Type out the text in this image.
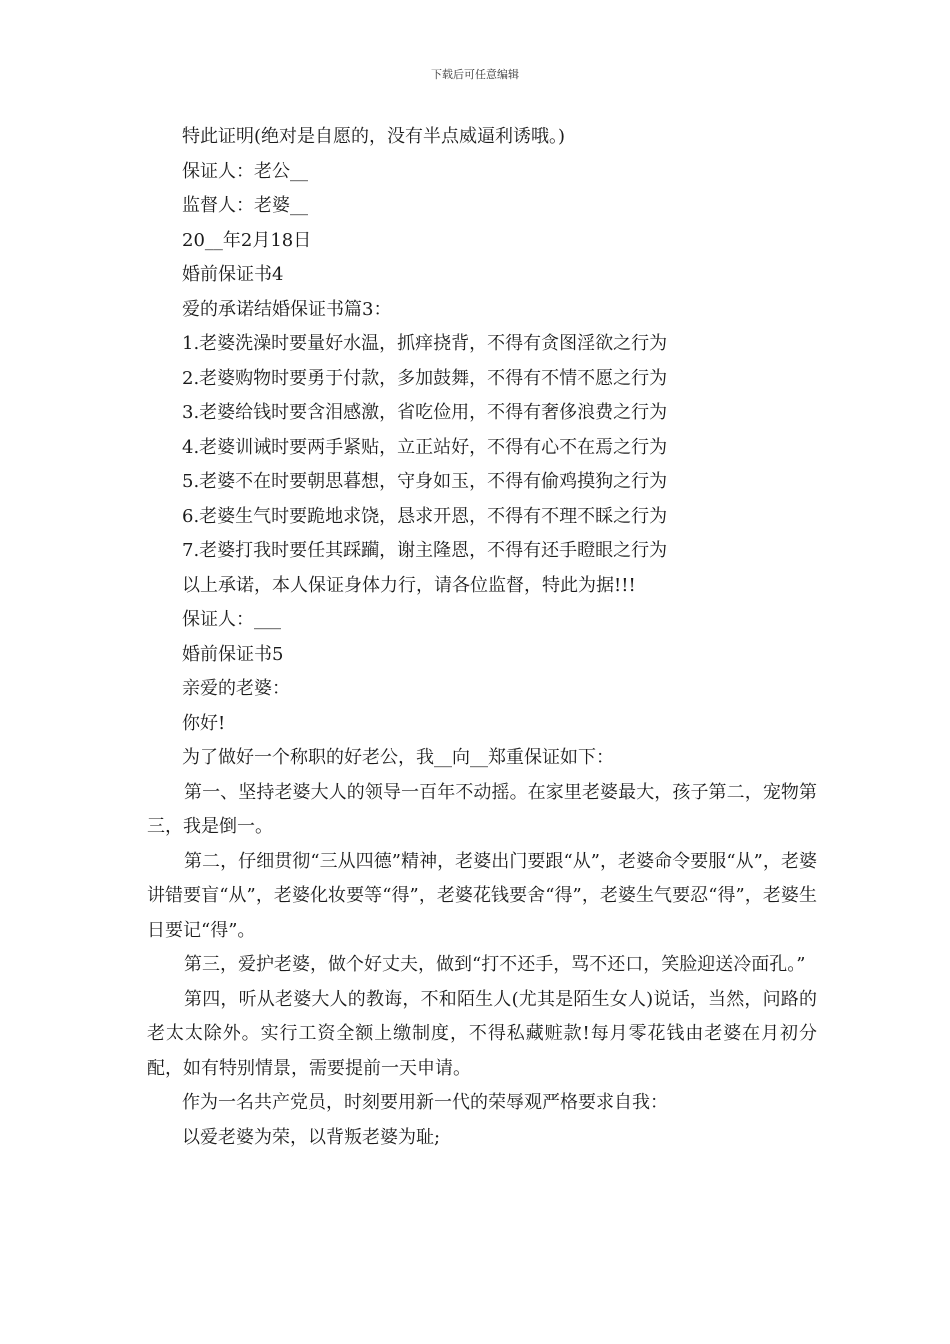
下载后可任意编辑
特此证明(绝对是自愿的，没有半点威逼利诱哦。)
保证人：老公__
监督人：老婆__
20__年2月18日
婚前保证书4
爱的承诺结婚保证书篇3：
1.老婆洗澡时要量好水温，抓痒挠背，不得有贪图淫欲之行为
2.老婆购物时要勇于付款，多加鼓舞，不得有不情不愿之行为
3.老婆给钱时要含泪感激，省吃俭用，不得有奢侈浪费之行为
4.老婆训诫时要两手紧贴，立正站好，不得有心不在焉之行为
5.老婆不在时要朝思暮想，守身如玉，不得有偷鸡摸狗之行为
6.老婆生气时要跪地求饶，恳求开恩，不得有不理不睬之行为
7.老婆打我时要任其踩躏，谢主隆恩，不得有还手瞪眼之行为
以上承诺，本人保证身体力行，请各位监督，特此为据!!!
保证人：___
婚前保证书5
亲爱的老婆：
你好!
为了做好一个称职的好老公，我__向__郑重保证如下：

第一、坚持老婆大人的领导一百年不动摇。在家里老婆最大，孩子第二，宠物第三，我是倒一。

第二，仔细贯彻“三从四德”精神，老婆出门要跟“从”，老婆命令要服“从”，老婆讲错要盲“从”，老婆化妆要等“得”，老婆花钱要舍“得”，老婆生气要忍“得”，老婆生日要记“得”。

第三，爱护老婆，做个好丈夫，做到“打不还手，骂不还口，笑脸迎送冷面孔。”

第四，听从老婆大人的教诲，不和陌生人(尤其是陌生女人)说话，当然，问路的老太太除外。实行工资全额上缴制度，不得私藏赃款!每月零花钱由老婆在月初分配，如有特别情景，需要提前一天申请。

作为一名共产党员，时刻要用新一代的荣辱观严格要求自我：
以爱老婆为荣，以背叛老婆为耻;
